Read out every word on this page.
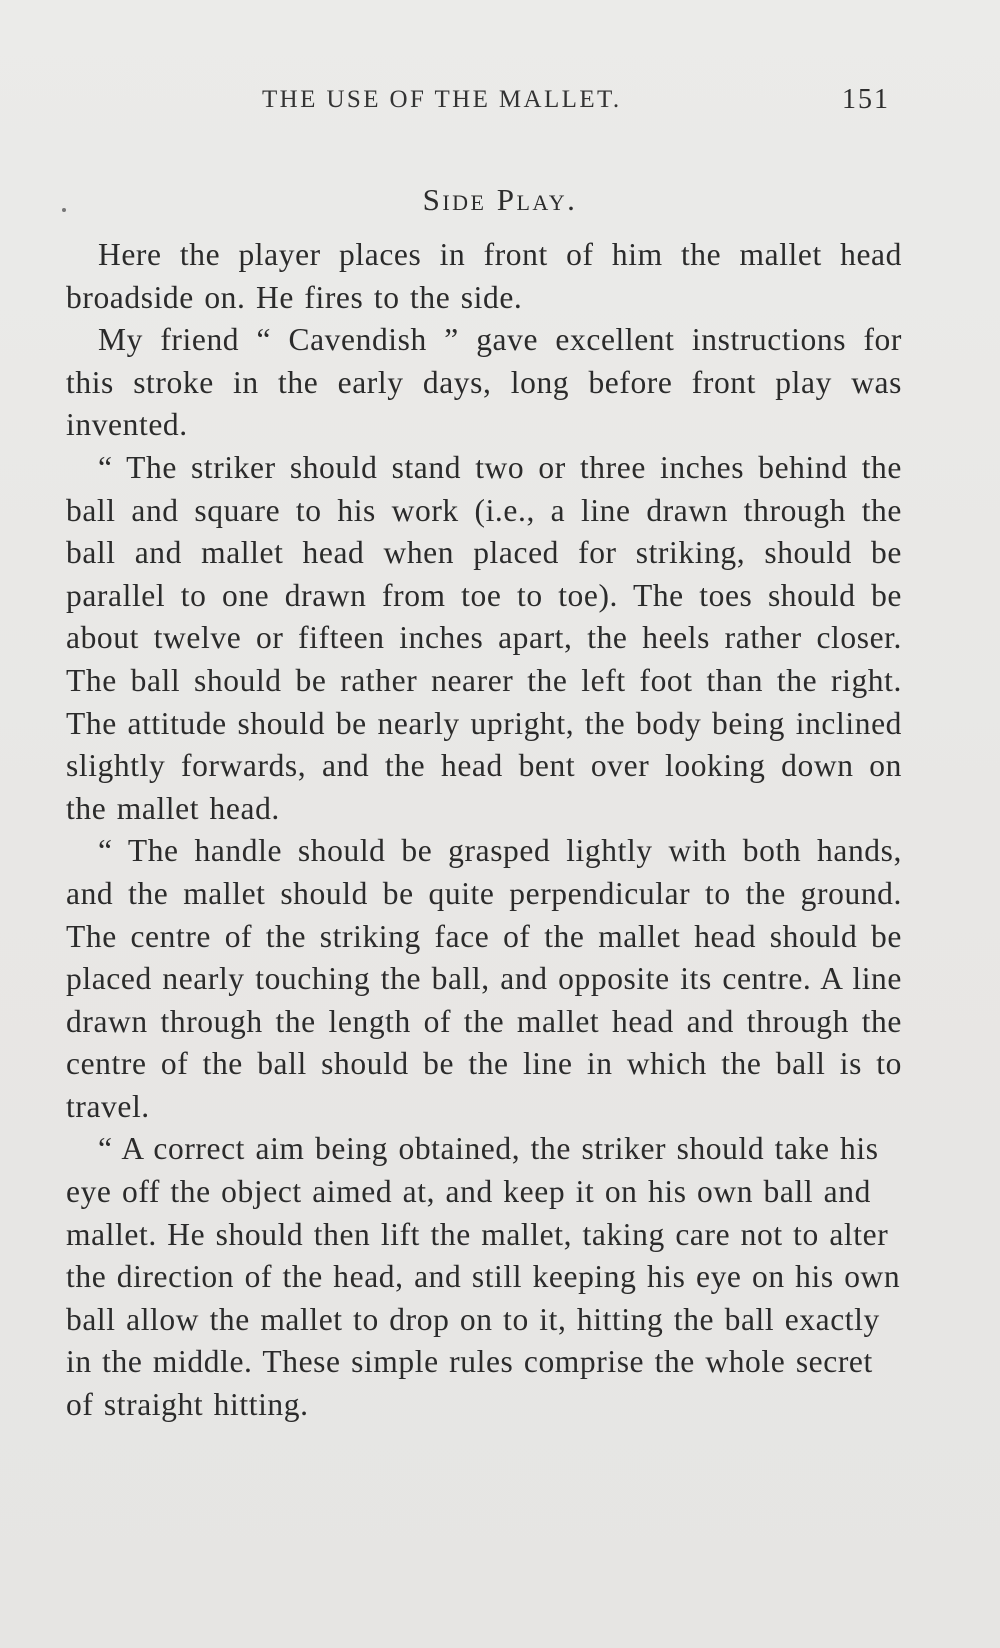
THE USE OF THE MALLET.	151
Side Play.

Here the player places in front of him the mallet head broadside on. He fires to the side.

My friend “ Cavendish ” gave excellent instructions for this stroke in the early days, long before front play was invented.

“ The striker should stand two or three inches behind the ball and square to his work (i.e., a line drawn through the ball and mallet head when placed for striking, should be parallel to one drawn from toe to toe). The toes should be about twelve or fifteen inches apart, the heels rather closer. The ball should be rather nearer the left foot than the right. The attitude should be nearly upright, the body being inclined slightly forwards, and the head bent over looking down on the mallet head.

“ The handle should be grasped lightly with both hands, and the mallet should be quite perpendicular to the ground. The centre of the striking face of the mallet head should be placed nearly touching the ball, and opposite its centre. A line drawn through the length of the mallet head and through the centre of the ball should be the line in which the ball is to travel.

“ A correct aim being obtained, the striker should take his eye off the object aimed at, and keep it on his own ball and mallet. He should then lift the mallet, taking care not to alter the direction of the head, and still keeping his eye on his own ball allow the mallet to drop on to it, hitting the ball exactly in the middle. These simple rules comprise the whole secret of straight hitting.
